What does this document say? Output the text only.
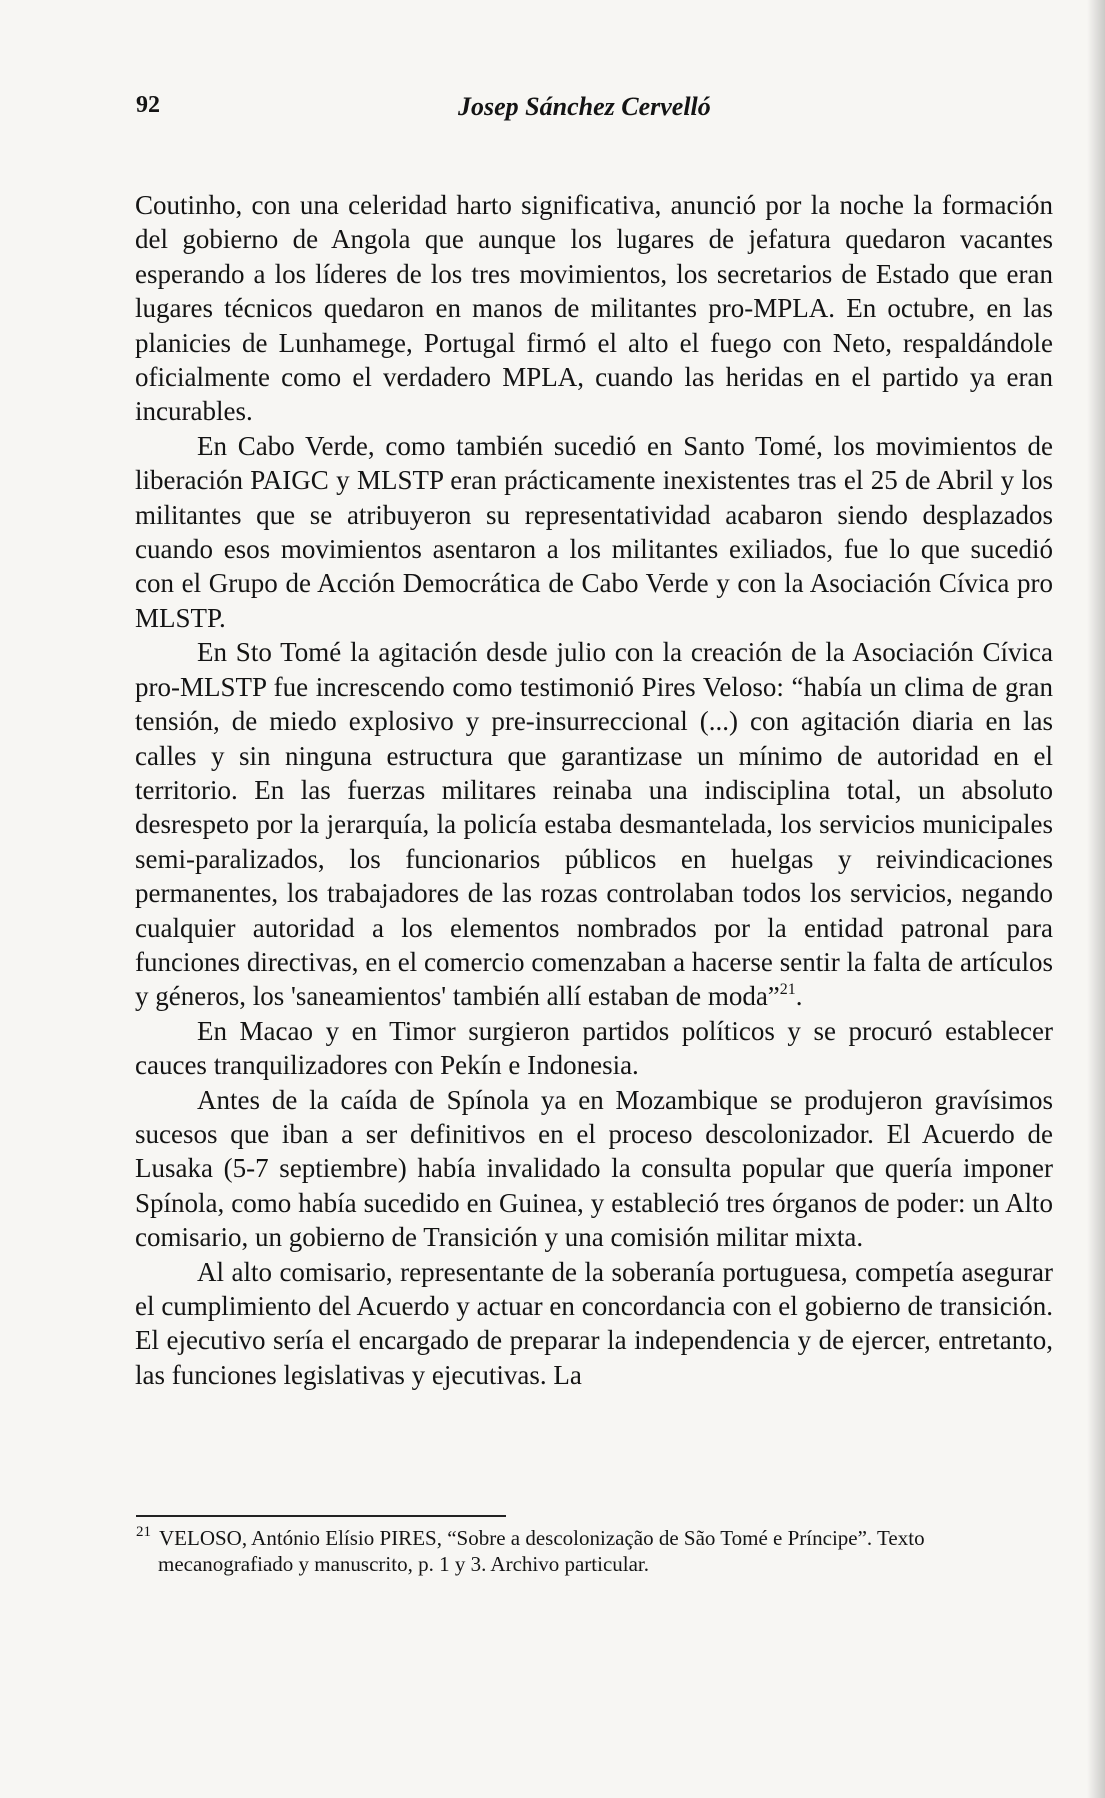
92	Josep Sánchez Cervelló

Coutinho, con una celeridad harto significativa, anunció por la noche la formación del gobierno de Angola que aunque los lugares de jefatura quedaron vacantes esperando a los líderes de los tres movimientos, los secretarios de Estado que eran lugares técnicos quedaron en manos de militantes pro-MPLA. En octubre, en las planicies de Lunhamege, Portugal firmó el alto el fuego con Neto, respaldándole oficialmente como el verdadero MPLA, cuando las heridas en el partido ya eran incurables.

En Cabo Verde, como también sucedió en Santo Tomé, los movimientos de liberación PAIGC y MLSTP eran prácticamente inexistentes tras el 25 de Abril y los militantes que se atribuyeron su representatividad acabaron siendo desplazados cuando esos movimientos asentaron a los militantes exiliados, fue lo que sucedió con el Grupo de Acción Democrática de Cabo Verde y con la Asociación Cívica pro MLSTP.

En Sto Tomé la agitación desde julio con la creación de la Asociación Cívica pro-MLSTP fue increscendo como testimonió Pires Veloso: “había un clima de gran tensión, de miedo explosivo y pre-insurreccional (...) con agitación diaria en las calles y sin ninguna estructura que garantizase un mínimo de autoridad en el territorio. En las fuerzas militares reinaba una indisciplina total, un absoluto desrespeto por la jerarquía, la policía estaba desmantelada, los servicios municipales semi-paralizados, los funcionarios públicos en huelgas y reivindicaciones permanentes, los trabajadores de las rozas controlaban todos los servicios, negando cualquier autoridad a los elementos nombrados por la entidad patronal para funciones directivas, en el comercio comenzaban a hacerse sentir la falta de artículos y géneros, los 'saneamientos' también allí estaban de moda”$^{21}$.

En Macao y en Timor surgieron partidos políticos y se procuró establecer cauces tranquilizadores con Pekín e Indonesia.

Antes de la caída de Spínola ya en Mozambique se produjeron gravísimos sucesos que iban a ser definitivos en el proceso descolonizador. El Acuerdo de Lusaka (5-7 septiembre) había invalidado la consulta popular que quería imponer Spínola, como había sucedido en Guinea, y estableció tres órganos de poder: un Alto comisario, un gobierno de Transición y una comisión militar mixta.

Al alto comisario, representante de la soberanía portuguesa, competía asegurar el cumplimiento del Acuerdo y actuar en concordancia con el gobierno de transición. El ejecutivo sería el encargado de preparar la independencia y de ejercer, entretanto, las funciones legislativas y ejecutivas. La

$^{21}$ VELOSO, António Elísio PIRES, “Sobre a descolonização de São Tomé e Príncipe”. Texto
mecanografiado y manuscrito, p. 1 y 3. Archivo particular.
